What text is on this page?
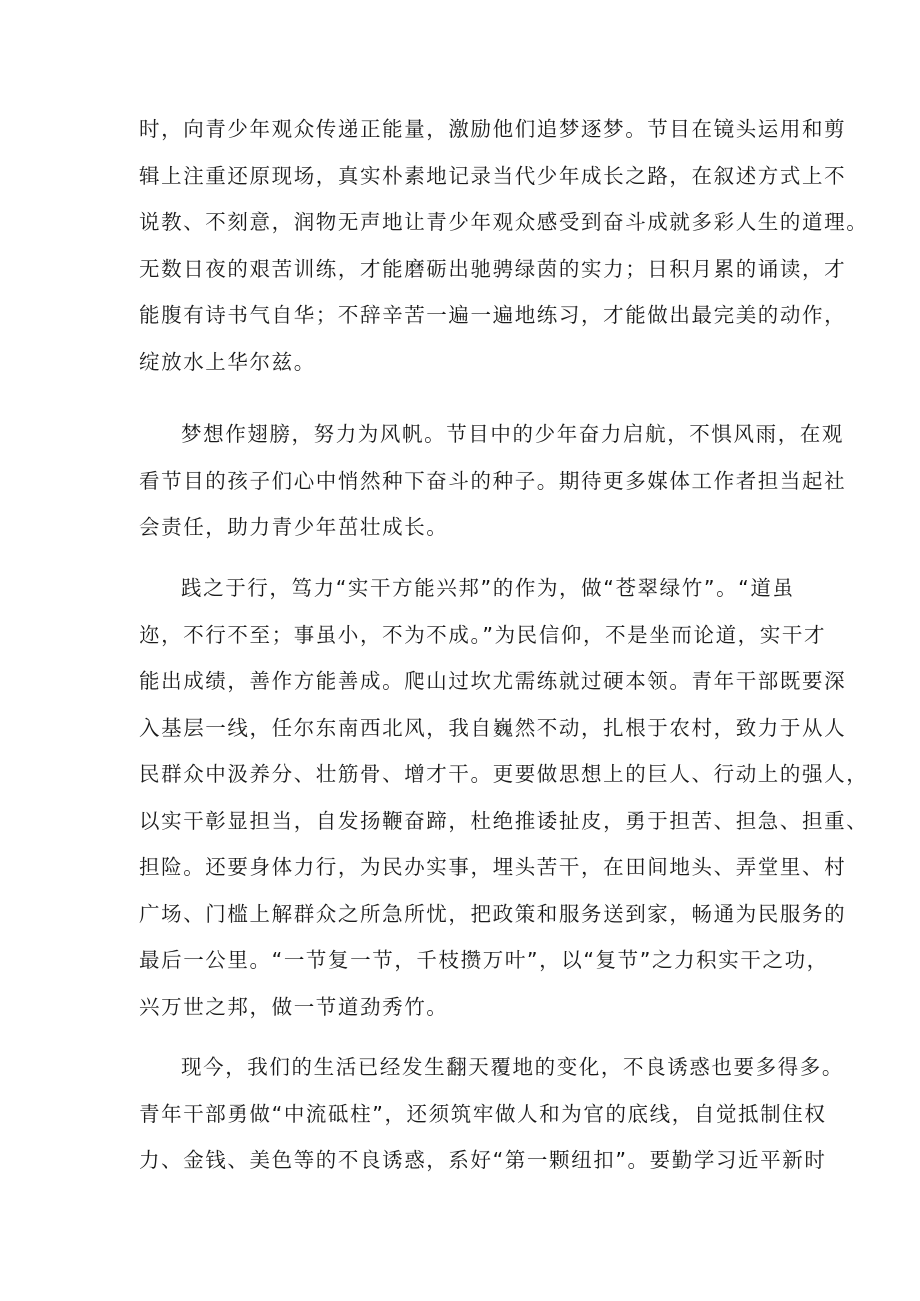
时，向青少年观众传递正能量，激励他们追梦逐梦。节目在镜头运用和剪
辑上注重还原现场，真实朴素地记录当代少年成长之路，在叙述方式上不
说教、不刻意，润物无声地让青少年观众感受到奋斗成就多彩人生的道理。
无数日夜的艰苦训练，才能磨砺出驰骋绿茵的实力；日积月累的诵读，才
能腹有诗书气自华；不辞辛苦一遍一遍地练习，才能做出最完美的动作，
绽放水上华尔兹。
梦想作翅膀，努力为风帆。节目中的少年奋力启航，不惧风雨，在观
看节目的孩子们心中悄然种下奋斗的种子。期待更多媒体工作者担当起社
会责任，助力青少年茁壮成长。
践之于行，笃力“实干方能兴邦”的作为，做“苍翠绿竹”。“道虽
迩，不行不至；事虽小，不为不成。”为民信仰，不是坐而论道，实干才
能出成绩，善作方能善成。爬山过坎尤需练就过硬本领。青年干部既要深
入基层一线，任尔东南西北风，我自巍然不动，扎根于农村，致力于从人
民群众中汲养分、壮筋骨、增才干。更要做思想上的巨人、行动上的强人，
以实干彰显担当，自发扬鞭奋蹄，杜绝推诿扯皮，勇于担苦、担急、担重、
担险。还要身体力行，为民办实事，埋头苦干，在田间地头、弄堂里、村
广场、门槛上解群众之所急所忧，把政策和服务送到家，畅通为民服务的
最后一公里。“一节复一节，千枝攒万叶”，以“复节”之力积实干之功，
兴万世之邦，做一节道劲秀竹。
现今，我们的生活已经发生翻天覆地的变化，不良诱惑也要多得多。
青年干部勇做“中流砥柱”，还须筑牢做人和为官的底线，自觉抵制住权
力、金钱、美色等的不良诱惑，系好“第一颗纽扣”。要勤学习近平新时
